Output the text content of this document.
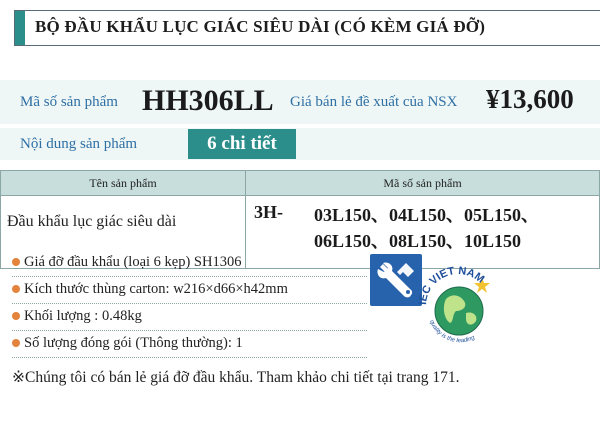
BỘ ĐẦU KHẨU LỤC GIÁC SIÊU DÀI (CÓ KÈM GIÁ ĐỠ)
Mã số sản phẩm HH306LL Giá bán lẻ đề xuất của NSX ¥13,600
Nội dung sản phẩm	6 chi tiết
Tên sản phẩm	Mã số sản phẩm	
Đầu khẩu lục giác siêu dài	3H-	03L150、04L150、05L150、
06L150、08L150、10L150
Giá đỡ đầu khẩu (loại 6 kẹp) SH1306
Kích thước thùng carton: w216×d66×h42mm
Khối lượng : 0.48kg
Số lượng đóng gói (Thông thường): 1
IEC VIET NAM
quality is the leading
※Chúng tôi có bán lẻ giá đỡ đầu khẩu. Tham khảo chi tiết tại trang 171.
